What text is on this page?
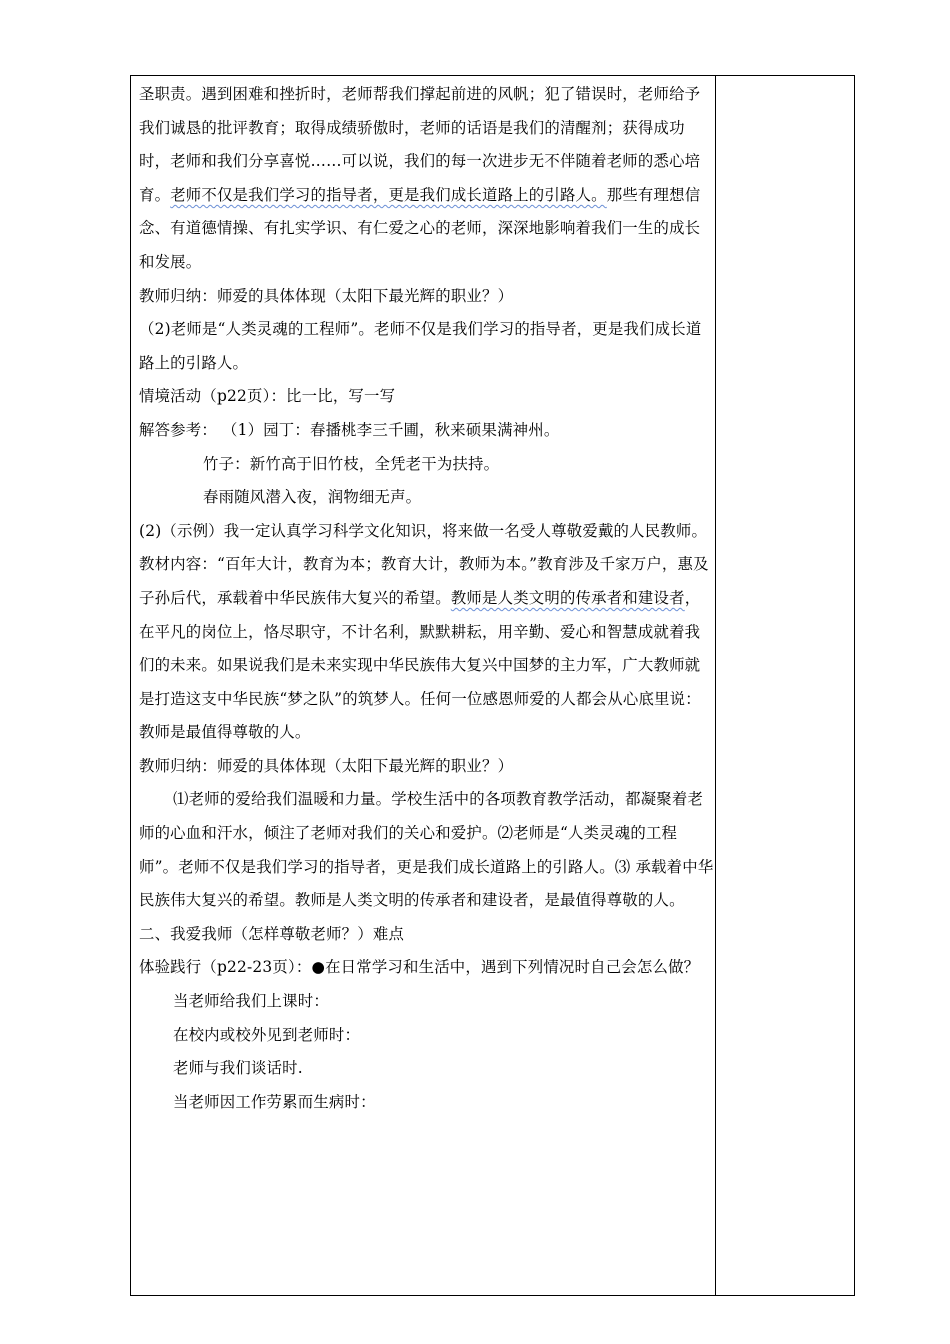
圣职责。遇到困难和挫折时，老师帮我们撑起前进的风帆；犯了错误时，老师给予我们诚恳的批评教育；取得成绩骄傲时，老师的话语是我们的清醒剂；获得成功时，老师和我们分享喜悦……可以说，我们的每一次进步无不伴随着老师的悉心培育。老师不仅是我们学习的指导者，更是我们成长道路上的引路人。那些有理想信念、有道德情操、有扎实学识、有仁爱之心的老师，深深地影响着我们一生的成长和发展。

教师归纳：师爱的具体体现（太阳下最光辉的职业？）

（2)老师是“人类灵魂的工程师”。老师不仅是我们学习的指导者，更是我们成长道路上的引路人。

情境活动（p22页）：比一比，写一写

解答参考： （1）园丁：春播桃李三千圃，秋来硕果满神州。

竹子：新竹高于旧竹枝，全凭老干为扶持。

春雨随风潜入夜，润物细无声。

(2)（示例）我一定认真学习科学文化知识，将来做一名受人尊敬爱戴的人民教师。

教材内容：“百年大计，教育为本；教育大计，教师为本。”教育涉及千家万户，惠及子孙后代，承载着中华民族伟大复兴的希望。教师是人类文明的传承者和建设者，在平凡的岗位上，恪尽职守，不计名利，默默耕耘，用辛勤、爱心和智慧成就着我们的未来。如果说我们是未来实现中华民族伟大复兴中国梦的主力军，广大教师就是打造这支中华民族“梦之队”的筑梦人。任何一位感恩师爱的人都会从心底里说：教师是最值得尊敬的人。

教师归纳：师爱的具体体现（太阳下最光辉的职业？）

⑴老师的爱给我们温暖和力量。学校生活中的各项教育教学活动，都凝聚着老师的心血和汗水，倾注了老师对我们的关心和爱护。⑵老师是“人类灵魂的工程师”。老师不仅是我们学习的指导者，更是我们成长道路上的引路人。⑶ 承载着中华民族伟大复兴的希望。教师是人类文明的传承者和建设者，是最值得尊敬的人。

二、我爱我师（怎样尊敬老师？）难点

体验践行（p22-23页）：●在日常学习和生活中，遇到下列情况时自己会怎么做？

当老师给我们上课时：

在校内或校外见到老师时：

老师与我们谈话时.

当老师因工作劳累而生病时：
